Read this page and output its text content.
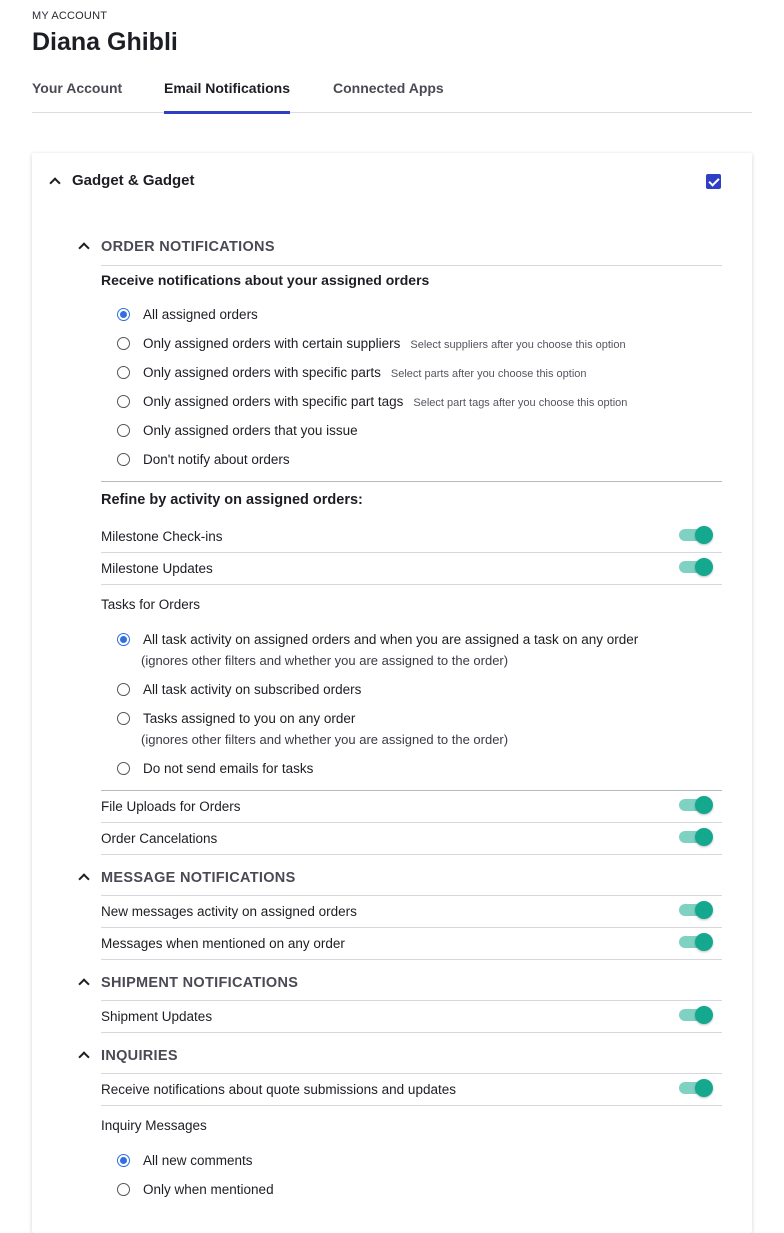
MY ACCOUNT
Diana Ghibli
Your Account	Email Notifications	Connected Apps
Gadget & Gadget
ORDER NOTIFICATIONS
Receive notifications about your assigned orders
All assigned orders
Only assigned orders with certain suppliers Select suppliers after you choose this option
Only assigned orders with specific parts Select parts after you choose this option
Only assigned orders with specific part tags Select part tags after you choose this option
Only assigned orders that you issue
Don't notify about orders
Refine by activity on assigned orders:
Milestone Check-ins
Milestone Updates
Tasks for Orders
All task activity on assigned orders and when you are assigned a task on any order
(ignores other filters and whether you are assigned to the order)
All task activity on subscribed orders
Tasks assigned to you on any order
(ignores other filters and whether you are assigned to the order)
Do not send emails for tasks
File Uploads for Orders
Order Cancelations
MESSAGE NOTIFICATIONS
New messages activity on assigned orders
Messages when mentioned on any order
SHIPMENT NOTIFICATIONS
Shipment Updates
INQUIRIES
Receive notifications about quote submissions and updates
Inquiry Messages
All new comments
Only when mentioned
